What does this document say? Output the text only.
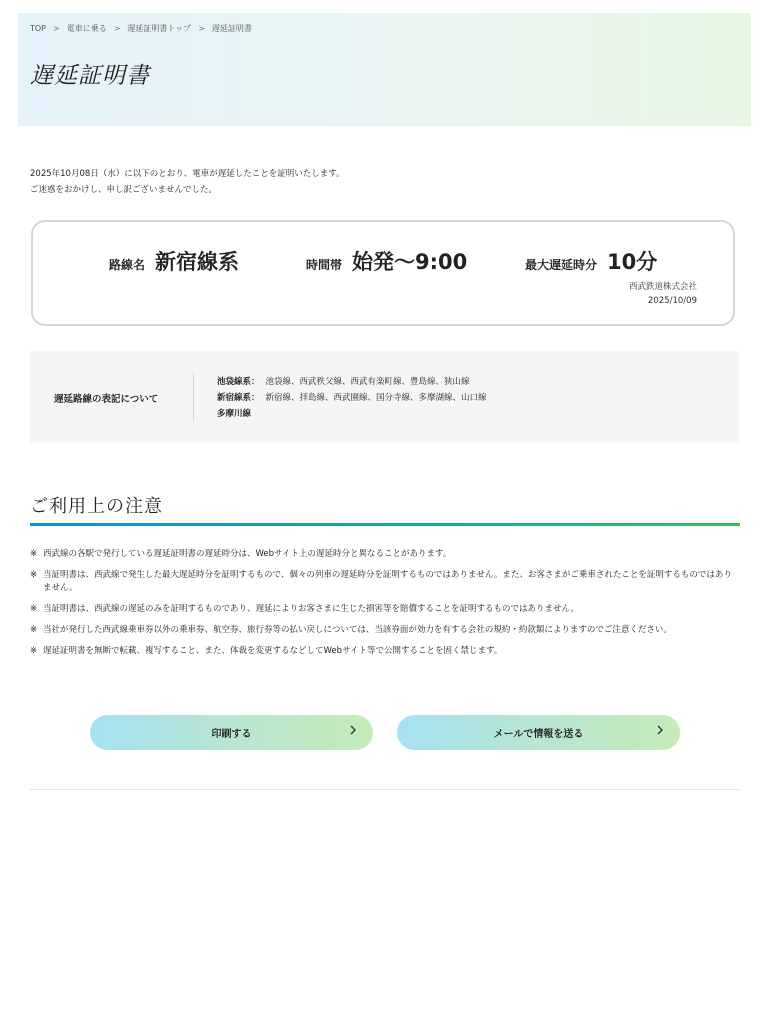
TOP > 電車に乗る > 遅延証明書トップ > 遅延証明書
遅延証明書

2025年10月08日（水）に以下のとおり、電車が遅延したことを証明いたします。

ご迷惑をおかけし、申し訳ございませんでした。

路線名 新宿線系	時間帯 始発～9:00	最大遅延時分 10分
西武鉄道株式会社
2025/10/09
遅延路線の表記について
池袋線系： 池袋線、西武秩父線、西武有楽町線、豊島線、狭山線
新宿線系： 新宿線、拝島線、西武園線、国分寺線、多摩湖線、山口線
多摩川線
ご利用上の注意
※ 西武線の各駅で発行している遅延証明書の遅延時分は、Webサイト上の遅延時分と異なることがあります。
※ 当証明書は、西武線で発生した最大遅延時分を証明するもので、個々の列車の遅延時分を証明するものではありません。また、お客さまがご乗車されたことを証明するものではありません。
※ 当証明書は、西武線の遅延のみを証明するものであり、遅延によりお客さまに生じた損害等を賠償することを証明するものではありません。
※ 当社が発行した西武線乗車券以外の乗車券、航空券、旅行券等の払い戻しについては、当該券面が効力を有する会社の規約・約款類によりますのでご注意ください。
※ 遅延証明書を無断で転載、複写すること、また、体裁を変更するなどしてWebサイト等で公開することを固く禁じます。
印刷する	メールで情報を送る
